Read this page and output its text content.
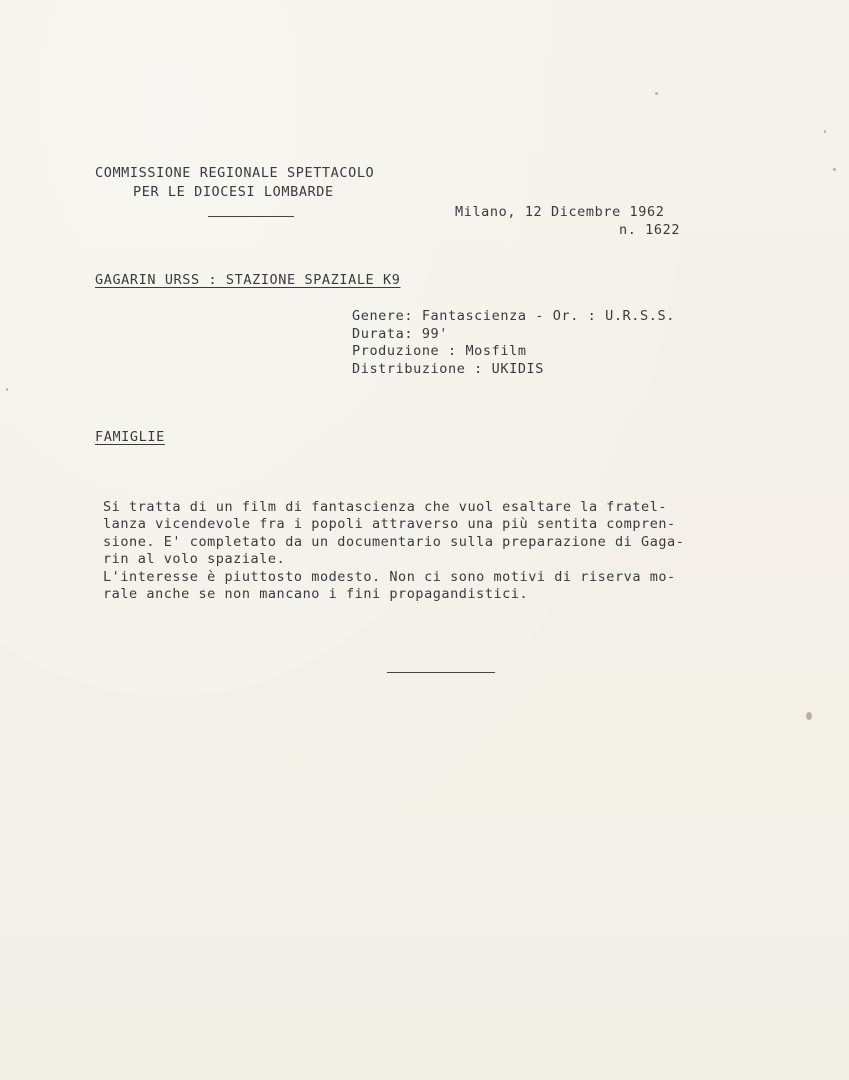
COMMISSIONE REGIONALE SPETTACOLO
PER LE DIOCESI LOMBARDE
Milano, 12 Dicembre 1962
n. 1622
GAGARIN URSS : STAZIONE SPAZIALE K9
Genere: Fantascienza - Or. : U.R.S.S.
Durata: 99'
Produzione : Mosfilm
Distribuzione : UKIDIS
FAMIGLIE
Si tratta di un film di fantascienza che vuol esaltare la fratel-
lanza vicendevole fra i popoli attraverso una più sentita compren-
sione. E' completato da un documentario sulla preparazione di Gaga-
rin al volo spaziale.
L'interesse è piuttosto modesto. Non ci sono motivi di riserva mo-
rale anche se non mancano i fini propagandistici.
